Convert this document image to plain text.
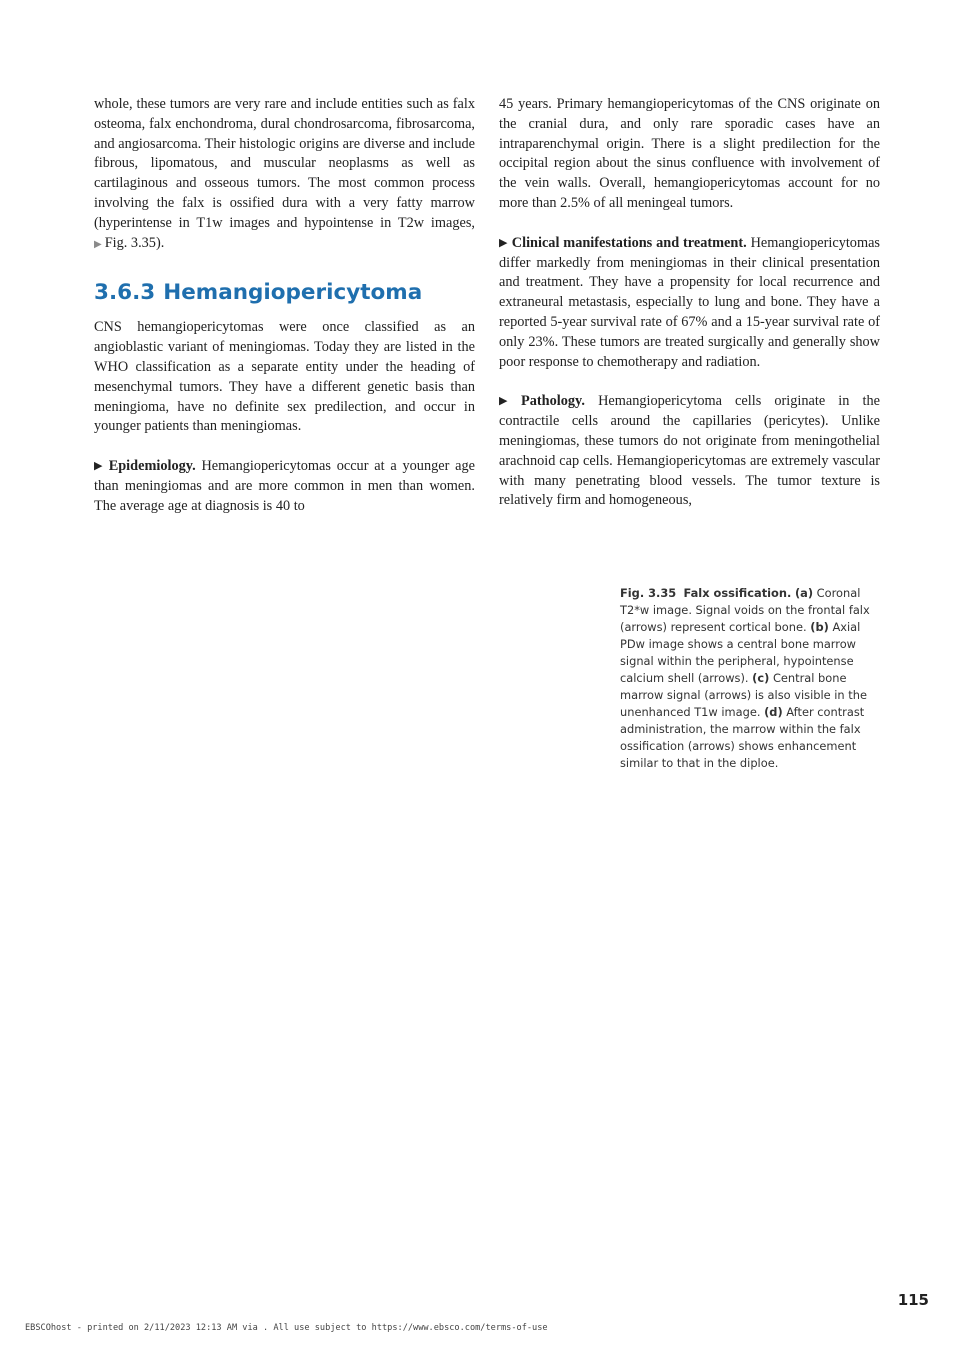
whole, these tumors are very rare and include entities such as falx osteoma, falx enchondroma, dural chondrosarcoma, fibrosarcoma, and angiosarcoma. Their histologic origins are diverse and include fibrous, lipomatous, and muscular neoplasms as well as cartilaginous and osseous tumors. The most common process involving the falx is ossified dura with a very fatty marrow (hyperintense in T1w images and hypointense in T2w images, ▶ Fig. 3.35).

3.6.3 Hemangiopericytoma

CNS hemangiopericytomas were once classified as an angioblastic variant of meningiomas. Today they are listed in the WHO classification as a separate entity under the heading of mesenchymal tumors. They have a different genetic basis than meningioma, have no definite sex predilection, and occur in younger patients than meningiomas.

▶ Epidemiology. Hemangiopericytomas occur at a younger age than meningiomas and are more common in men than women. The average age at diagnosis is 40 to

45 years. Primary hemangiopericytomas of the CNS originate on the cranial dura, and only rare sporadic cases have an intraparenchymal origin. There is a slight predilection for the occipital region about the sinus confluence with involvement of the vein walls. Overall, hemangiopericytomas account for no more than 2.5% of all meningeal tumors.

▶ Clinical manifestations and treatment. Hemangiopericytomas differ markedly from meningiomas in their clinical presentation and treatment. They have a propensity for local recurrence and extraneural metastasis, especially to lung and bone. They have a reported 5-year survival rate of 67% and a 15-year survival rate of only 23%. These tumors are treated surgically and generally show poor response to chemotherapy and radiation.

▶ Pathology. Hemangiopericytoma cells originate in the contractile cells around the capillaries (pericytes). Unlike meningiomas, these tumors do not originate from meningothelial arachnoid cap cells. Hemangiopericytomas are extremely vascular with many penetrating blood vessels. The tumor texture is relatively firm and homogeneous,

Fig. 3.35 Falx ossification. (a) Coronal T2*w image. Signal voids on the frontal falx (arrows) represent cortical bone. (b) Axial PDw image shows a central bone marrow signal within the peripheral, hypointense calcium shell (arrows). (c) Central bone marrow signal (arrows) is also visible in the unenhanced T1w image. (d) After contrast administration, the marrow within the falx ossification (arrows) shows enhancement similar to that in the diploe.
115
EBSCOhost - printed on 2/11/2023 12:13 AM via . All use subject to https://www.ebsco.com/terms-of-use
